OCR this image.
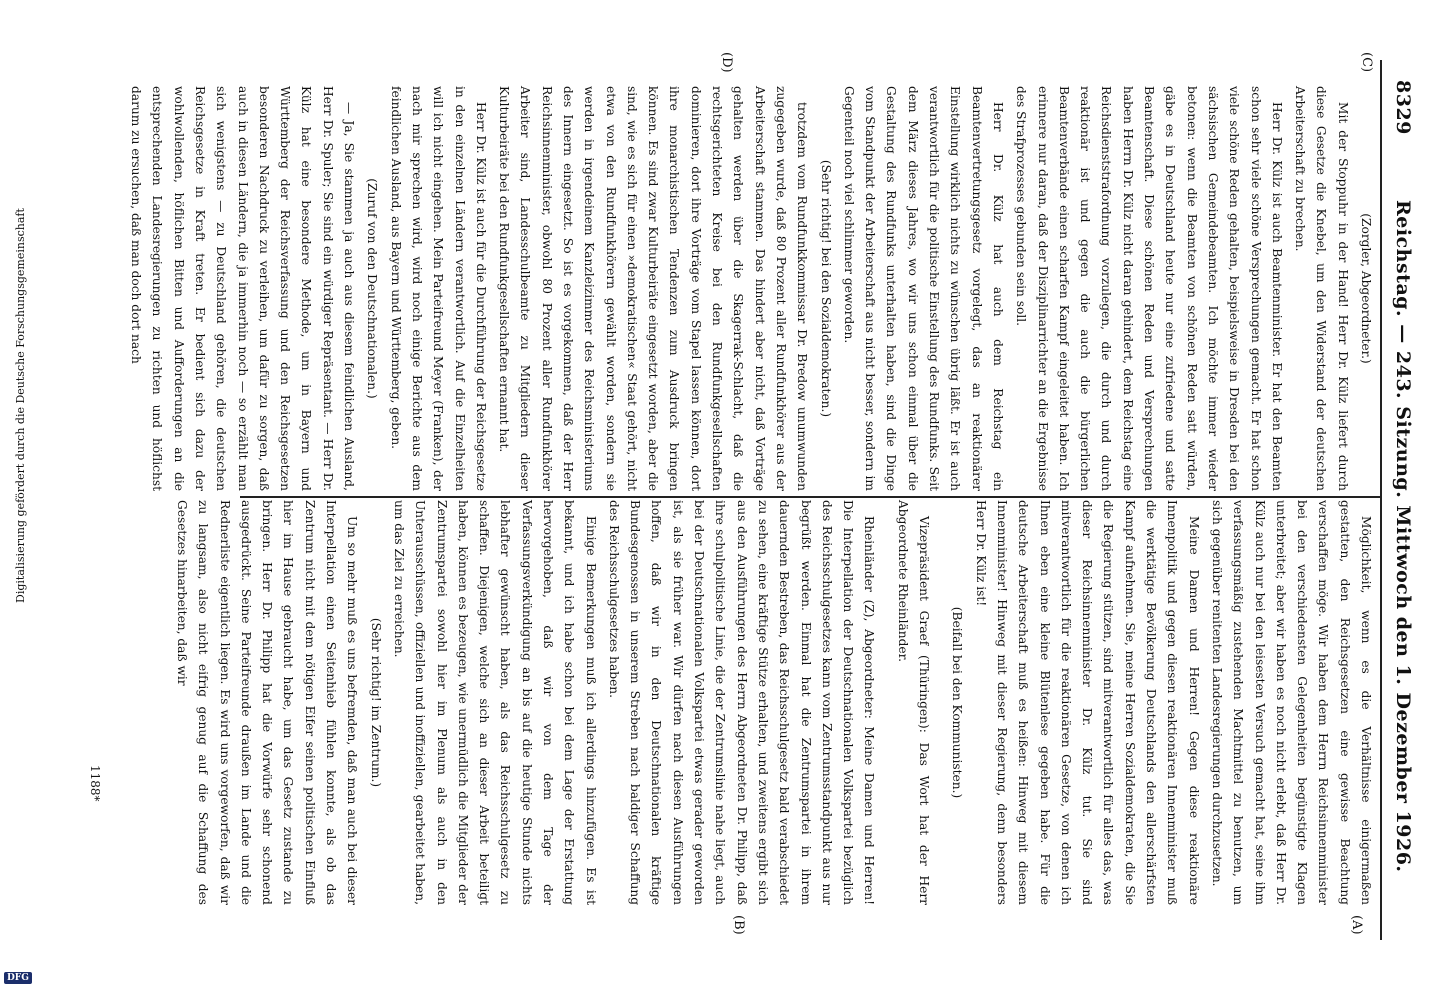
8329
Reichstag. — 243. Sitzung. Mittwoch den 1. Dezember 1926.
(C)
(D)
(A)
(B)

Möglichkeit, wenn es die Verhältnisse einigermaßen gestatten, den Reichsgesetzen eine gewisse Beachtung verschaffen möge. Wir haben dem Herrn Reichsinnenminister bei den verschiedensten Gelegenheiten begünstigte Klagen unterbreitet; aber wir haben es noch nicht erlebt, daß Herr Dr. Külz auch nur bei den leisesten Versuch gemacht hat, seine ihm verfassungsmäßig zustehenden Machtmittel zu benutzen, um sich gegenüber renitenten Landesregierungen durchzusetzen.

Meine Damen und Herren! Gegen diese reaktionäre Innenpolitik und gegen diesen reaktionären Innenminister muß die werktätige Bevölkerung Deutschlands den allerschärfsten Kampf aufnehmen. Sie, meine Herren Sozialdemokraten, die Sie die Regierung stützen, sind mitverantwortlich für alles das, was dieser Reichsinnenminister Dr. Külz tut. Sie sind mitverantwortlich für die reaktionären Gesetze, von denen ich Ihnen eben eine kleine Blütenlese gegeben habe. Für die deutsche Arbeiterschaft muß es heißen: Hinweg mit diesem Innenminister! Hinweg mit dieser Regierung, denn besonders Herr Dr. Külz ist!

(Beifall bei den Kommunisten.)

Vizepräsident Graef (Thüringen): Das Wort hat der Herr Abgeordnete Rheinländer.

Rheinländer (Z), Abgeordneter: Meine Damen und Herren! Die Interpellation der Deutschnationalen Volkspartei bezüglich des Reichsschulgesetzes kann vom Zentrumsstandpunkt aus nur begrüßt werden. Einmal hat die Zentrumspartei in ihrem dauernden Bestreben, das Reichsschulgesetz bald verabschiedet zu sehen, eine kräftige Stütze erhalten, und zweitens ergibt sich aus den Ausführungen des Herrn Abgeordneten Dr. Philipp, daß ihre schulpolitische Linie, die der Zentrumslinie nahe liegt, auch bei der Deutschnationalen Volkspartei etwas gerader geworden ist, als sie früher war. Wir dürfen nach diesen Ausführungen hoffen, daß wir in den Deutschnationalen kräftige Bundesgenossen in unserem Streben nach baldiger Schaffung des Reichsschulgesetzes haben.

Einige Bemerkungen muß ich allerdings hinzufügen. Es ist bekannt, und ich habe schon bei dem Lage der Erstattung hervorgehoben, daß wir von dem Tage der Verfassungsverkündigung an bis auf die heutige Stunde nichts lebhafter gewünscht haben, als das Reichsschulgesetz zu schaffen. Diejenigen, welche sich an dieser Arbeit beteiligt haben, können es bezeugen, wie unermüdlich die Mitglieder der Zentrumspartei sowohl hier im Plenum als auch in den Unterausschüssen, offiziellen und inoffiziellen, gearbeitet haben, um das Ziel zu erreichen.

(Sehr richtig! im Zentrum.)

Um so mehr muß es uns befremden, daß man auch bei dieser Interpellation einen Seitenhieb fühlen konnte, als ob das Zentrum nicht mit dem nötigen Eifer seinen politischen Einfluß hier im Hause gebraucht habe, um das Gesetz zustande zu bringen. Herr Dr. Philipp hat die Vorwürfe sehr schonend ausgedrückt. Seine Parteifreunde draußen im Lande und die Rednerliste eigentlich liegen. Es wird uns vorgeworfen, daß wir zu langsam, also nicht eifrig genug auf die Schaffung des Gesetzes hinarbeiten, daß wir

(Zorgler, Abgeordneter.)

Mit der Stoppuhr in der Hand! Herr Dr. Külz liefert durch diese Gesetze die Knebel, um den Widerstand der deutschen Arbeiterschaft zu brechen.

Herr Dr. Külz ist auch Beamtenminister. Er hat den Beamten schon sehr viele schöne Versprechungen gemacht. Er hat schon viele schöne Reden gehalten, beispielsweise in Dresden bei den sächsischen Gemeindebeamten. Ich möchte immer wieder betonen: wenn die Beamten von schönen Reden satt würden, gäbe es in Deutschland heute nur eine zufriedene und satte Beamtenschaft. Diese schönen Reden und Versprechungen haben Herrn Dr. Külz nicht daran gehindert, dem Reichstag eine Reichsdienststrafordnung vorzulegen, die durch und durch reaktionär ist und gegen die auch die bürgerlichen Beamtenverbände einen scharfen Kampf eingeleitet haben. Ich erinnere nur daran, daß der Disziplinarrichter an die Ergebnisse des Strafprozesses gebunden sein soll.

Herr Dr. Külz hat auch dem Reichstag ein Beamtenvertretungsgesetz vorgelegt, das an reaktionärer Einstellung wirklich nichts zu wünschen übrig läßt. Er ist auch verantwortlich für die politische Einstellung des Rundfunks. Seit dem März dieses Jahres, wo wir uns schon einmal über die Gestaltung des Rundfunks unterhalten haben, sind die Dinge vom Standpunkt der Arbeiterschaft aus nicht besser, sondern im Gegenteil noch viel schlimmer geworden.

(Sehr richtig! bei den Sozialdemokraten.)

trotzdem vom Rundfunkkommissar Dr. Bredow unumwunden zugegeben wurde, daß 80 Prozent aller Rundfunkhörer aus der Arbeiterschaft stammen. Das hindert aber nicht, daß Vorträge gehalten werden über die Skagerrak-Schlacht, daß die rechtsgerichteten Kreise bei den Rundfunkgesellschaften dominieren, dort ihre Vorträge vom Stapel lassen können, dort ihre monarchistischen Tendenzen zum Ausdruck bringen können. Es sind zwar Kulturbeiräte eingesetzt worden, aber die sind, wie es sich für einen »demokratischen« Staat gehört, nicht etwa von den Rundfunkhörern gewählt worden, sondern sie werden in irgendeinem Kanzleizimmer des Reichsministeriums des Innern eingesetzt. So ist es vorgekommen, daß der Herr Reichsinnenminister, obwohl 80 Prozent aller Rundfunkhörer Arbeiter sind, Landesschulbeamte zu Mitgliedern dieser Kulturbeiräte bei den Rundfunkgesellschaften ernannt hat.

Herr Dr. Külz ist auch für die Durchführung der Reichsgesetze in den einzelnen Ländern verantwortlich. Auf die Einzelheiten will ich nicht eingehen. Mein Parteifreund Meyer (Franken), der nach mir sprechen wird, wird noch einige Berichte aus dem feindlichen Ausland, aus Bayern und Württemberg, geben.

(Zuruf von den Deutschnationalen.)

— Ja, Sie stammen ja auch aus diesem feindlichen Ausland, Herr Dr. Spuler; Sie sind ein würdiger Repräsentant. — Herr Dr. Külz hat eine besondere Methode, um in Bayern und Württemberg der Reichsverfassung und den Reichsgesetzen besonderen Nachdruck zu verleihen, um dafür zu sorgen, daß auch in diesen Ländern, die ja immerhin noch — so erzählt man sich wenigstens — zu Deutschland gehören, die deutschen Reichsgesetze in Kraft treten. Er bedient sich dazu der wohlwollenden, höflichen Bitten und Aufforderungen an die entsprechenden Landesregierungen zu richten und höflichst darum zu ersuchen, daß man doch dort nach

1188*
Digitalisierung gefördert durch die Deutsche Forschungsgemeinschaft
DFG
